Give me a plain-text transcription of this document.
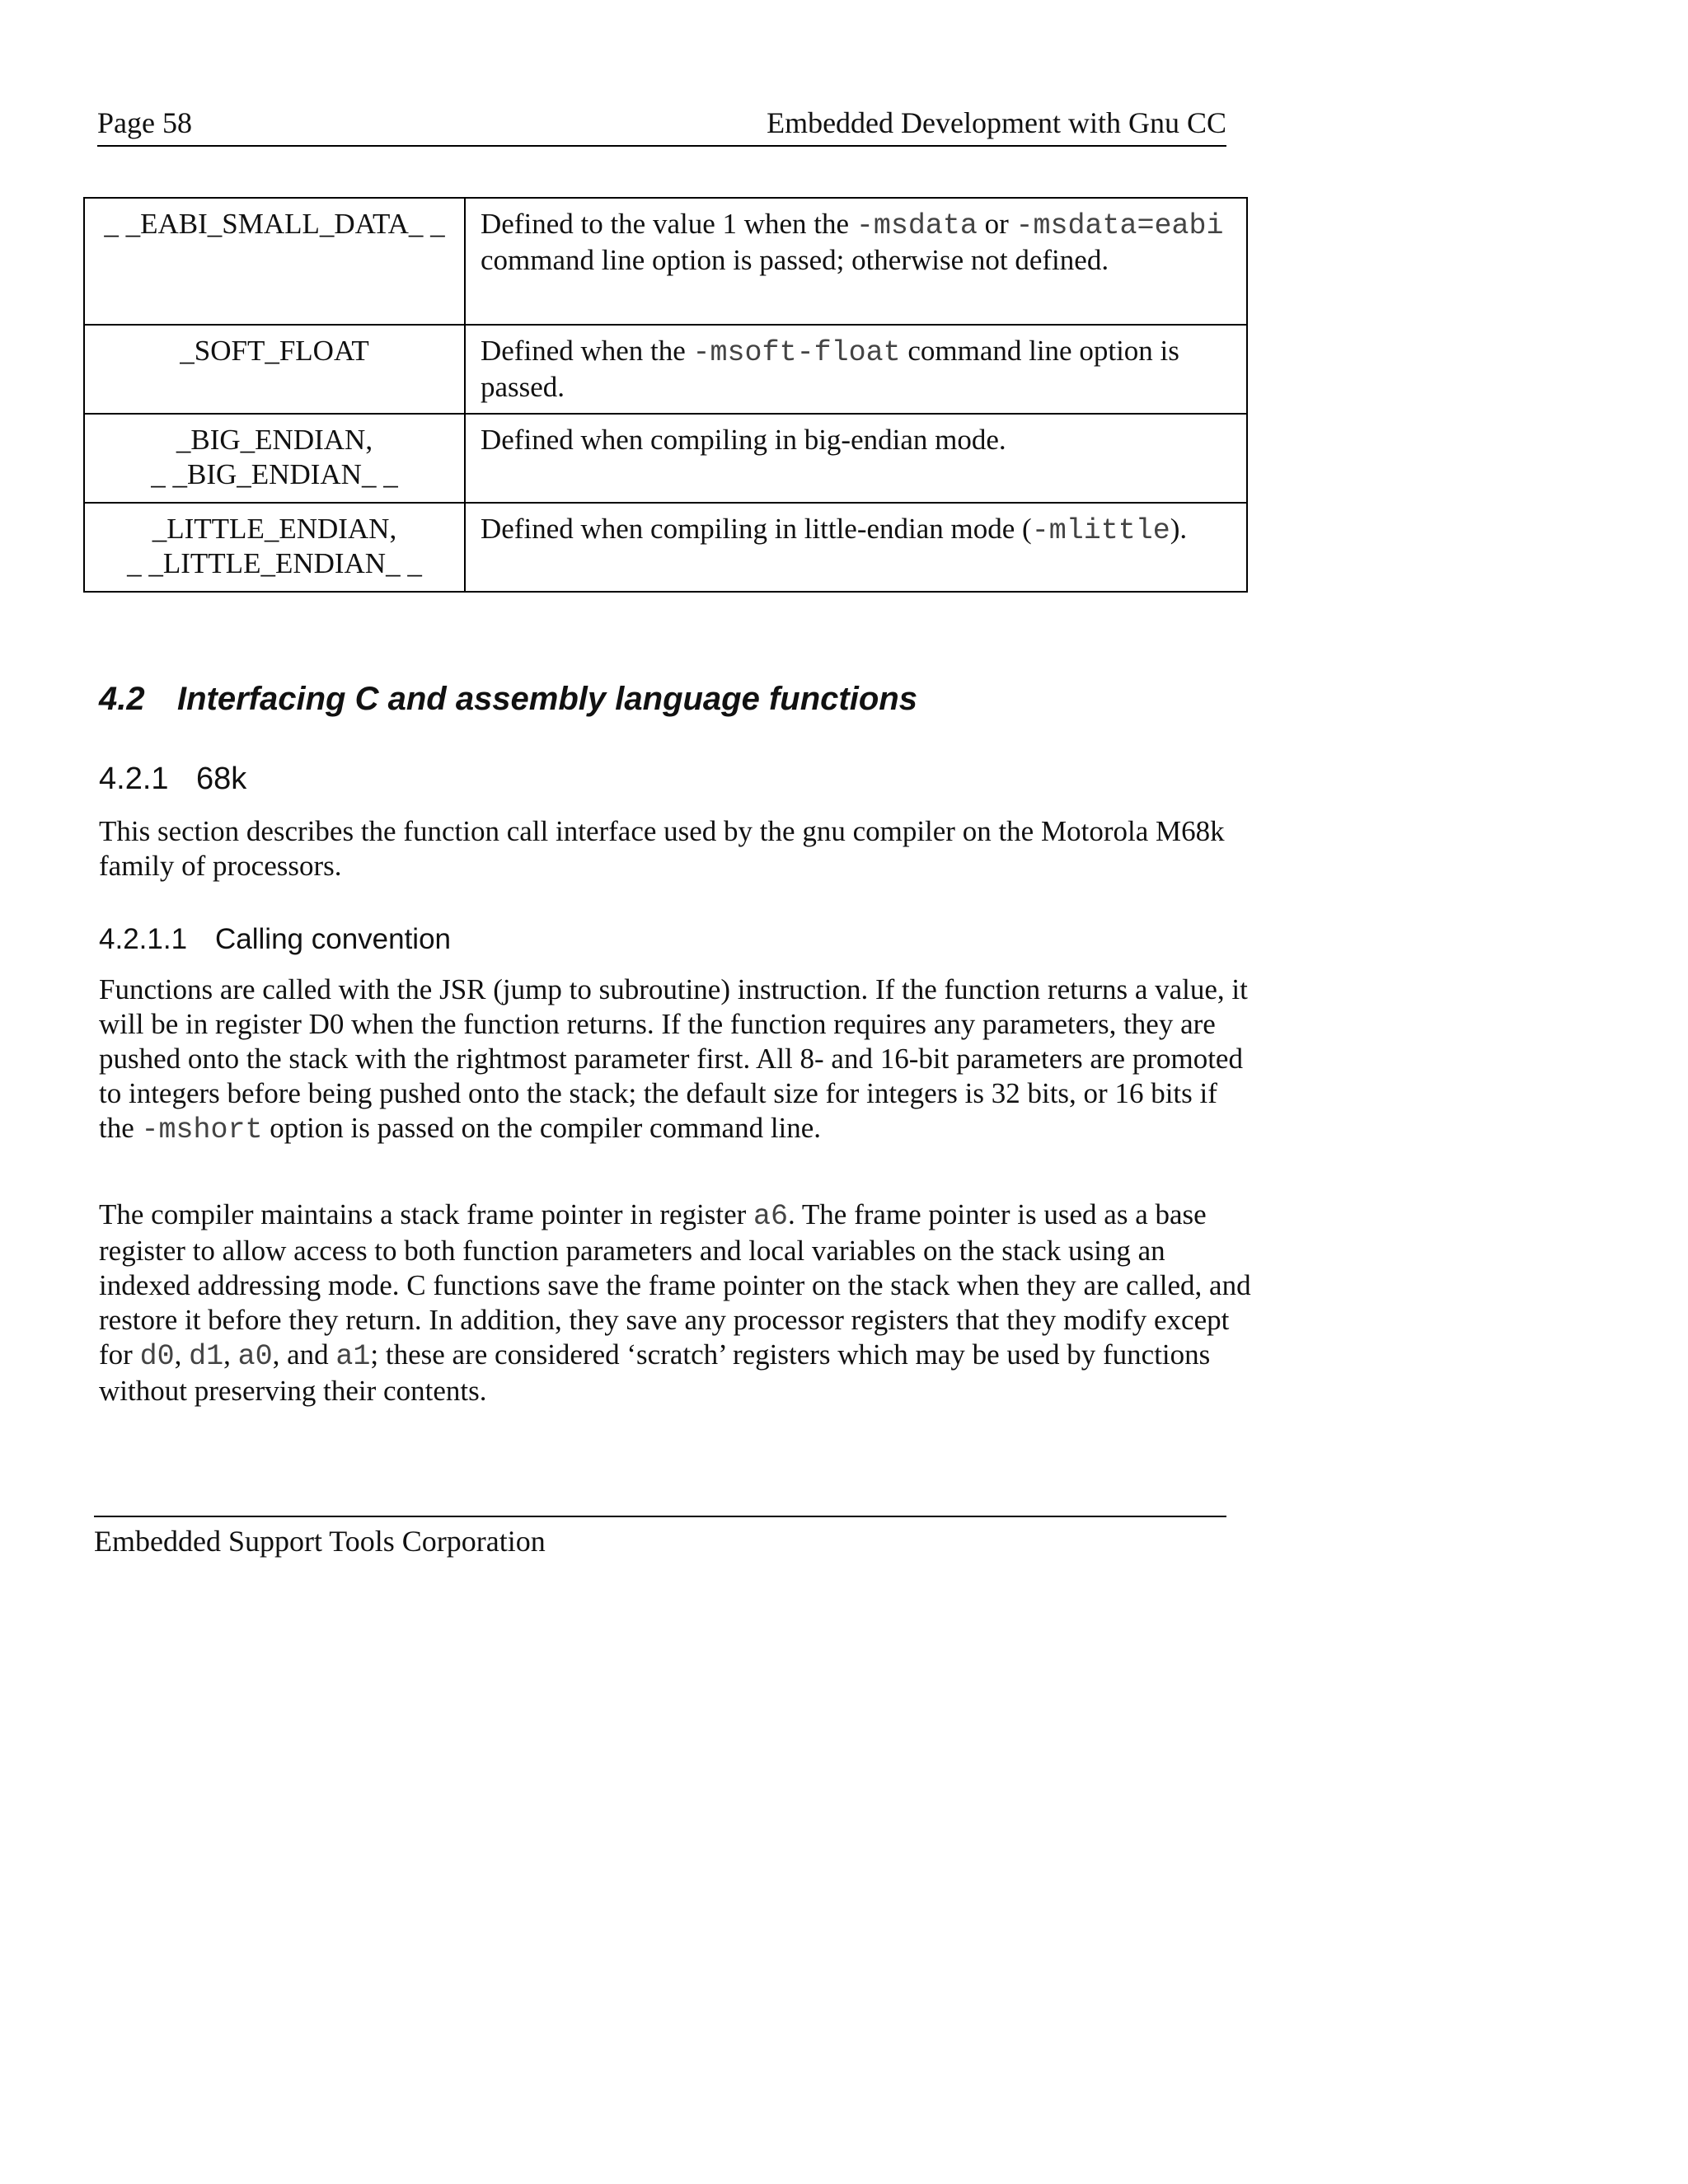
Page 58	Embedded Development with Gnu CC
_ _EABI_SMALL_DATA_ _	Defined to the value 1 when the -msdata or -msdata=eabi command line option is passed; otherwise not defined.
_SOFT_FLOAT	Defined when the -msoft-float command line option is passed.

_BIG_ENDIAN,
_ _BIG_ENDIAN_ _	Defined when compiling in big-endian mode.

_LITTLE_ENDIAN,
_ _LITTLE_ENDIAN_ _	Defined when compiling in little-endian mode (-mlittle).
4.2 Interfacing C and assembly language functions
4.2.1 68k

This section describes the function call interface used by the gnu compiler on the Motorola M68k family of processors.

4.2.1.1 Calling convention

Functions are called with the JSR (jump to subroutine) instruction. If the function returns a value, it will be in register D0 when the function returns. If the function requires any parameters, they are pushed onto the stack with the rightmost parameter first. All 8- and 16-bit parameters are promoted to integers before being pushed onto the stack; the default size for integers is 32 bits, or 16 bits if the -mshort option is passed on the compiler command line.

The compiler maintains a stack frame pointer in register a6. The frame pointer is used as a base register to allow access to both function parameters and local variables on the stack using an indexed addressing mode. C functions save the frame pointer on the stack when they are called, and restore it before they return. In addition, they save any processor registers that they modify except for d0, d1, a0, and a1; these are considered ‘scratch’ registers which may be used by functions without preserving their contents.

Embedded Support Tools Corporation
